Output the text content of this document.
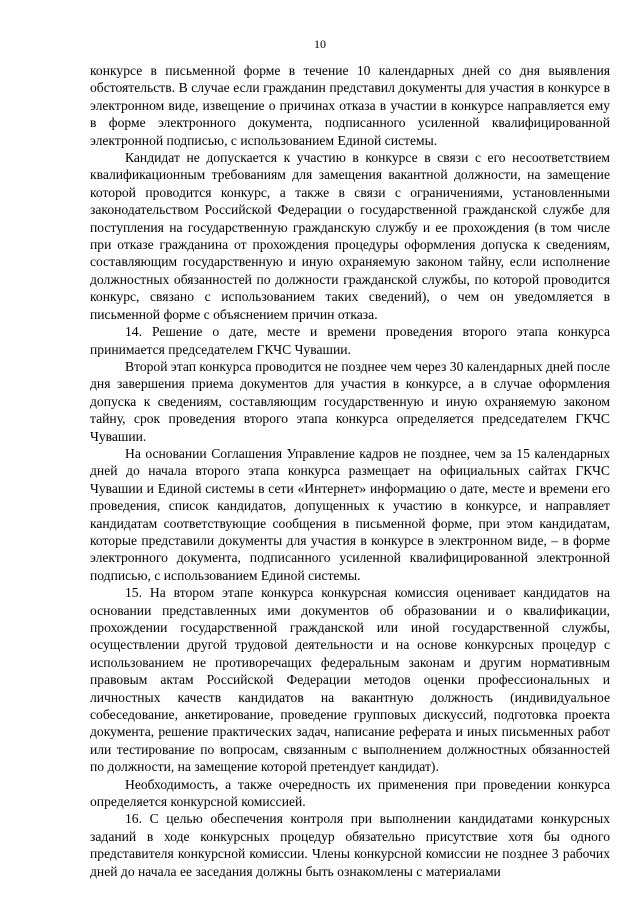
10

конкурсе в письменной форме в течение 10 календарных дней со дня выявления обстоятельств. В случае если гражданин представил документы для участия в конкурсе в электронном виде, извещение о причинах отказа в участии в конкурсе направляется ему в форме электронного документа, подписанного усиленной квалифицированной электронной подписью, с использованием Единой системы.

Кандидат не допускается к участию в конкурсе в связи с его несоответствием квалификационным требованиям для замещения вакантной должности, на замещение которой проводится конкурс, а также в связи с ограничениями, установленными законодательством Российской Федерации о государственной гражданской службе для поступления на государственную гражданскую службу и ее прохождения (в том числе при отказе гражданина от прохождения процедуры оформления допуска к сведениям, составляющим государственную и иную охраняемую законом тайну, если исполнение должностных обязанностей по должности гражданской службы, по которой проводится конкурс, связано с использованием таких сведений), о чем он уведомляется в письменной форме с объяснением причин отказа.

14. Решение о дате, месте и времени проведения второго этапа конкурса принимается председателем ГКЧС Чувашии.

Второй этап конкурса проводится не позднее чем через 30 календарных дней после дня завершения приема документов для участия в конкурсе, а в случае оформления допуска к сведениям, составляющим государственную и иную охраняемую законом тайну, срок проведения второго этапа конкурса определяется председателем ГКЧС Чувашии.

На основании Соглашения Управление кадров не позднее, чем за 15 календарных дней до начала второго этапа конкурса размещает на официальных сайтах ГКЧС Чувашии и Единой системы в сети «Интернет» информацию о дате, месте и времени его проведения, список кандидатов, допущенных к участию в конкурсе, и направляет кандидатам соответствующие сообщения в письменной форме, при этом кандидатам, которые представили документы для участия в конкурсе в электронном виде, – в форме электронного документа, подписанного усиленной квалифицированной электронной подписью, с использованием Единой системы.

15. На втором этапе конкурса конкурсная комиссия оценивает кандидатов на основании представленных ими документов об образовании и о квалификации, прохождении государственной гражданской или иной государственной службы, осуществлении другой трудовой деятельности и на основе конкурсных процедур с использованием не противоречащих федеральным законам и другим нормативным правовым актам Российской Федерации методов оценки профессиональных и личностных качеств кандидатов на вакантную должность (индивидуальное собеседование, анкетирование, проведение групповых дискуссий, подготовка проекта документа, решение практических задач, написание реферата и иных письменных работ или тестирование по вопросам, связанным с выполнением должностных обязанностей по должности, на замещение которой претендует кандидат).

Необходимость, а также очередность их применения при проведении конкурса определяется конкурсной комиссией.

16. С целью обеспечения контроля при выполнении кандидатами конкурсных заданий в ходе конкурсных процедур обязательно присутствие хотя бы одного представителя конкурсной комиссии. Члены конкурсной комиссии не позднее 3 рабочих дней до начала ее заседания должны быть ознакомлены с материалами
